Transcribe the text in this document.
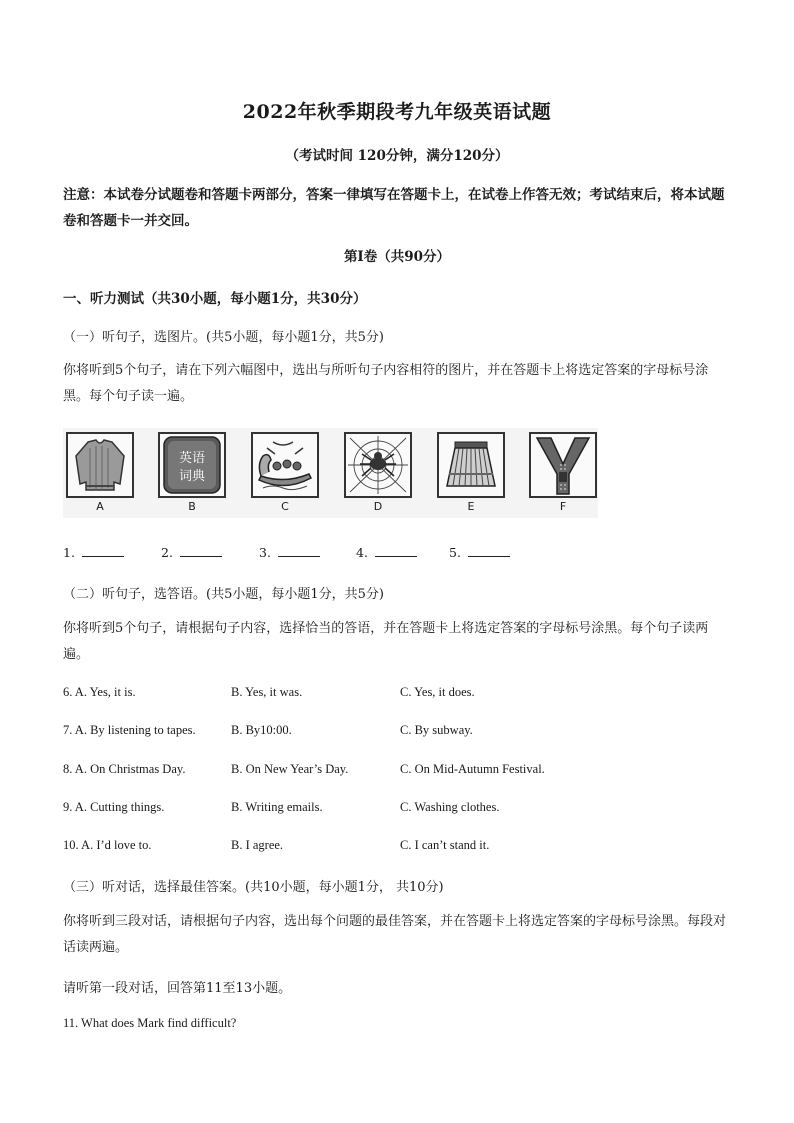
2022年秋季期段考九年级英语试题
（考试时间 120分钟，满分120分）
注意：本试卷分试题卷和答题卡两部分，答案一律填写在答题卡上，在试卷上作答无效；考试结束后，将本试题卷和答题卡一并交回。
第Ⅰ卷（共90分）
一、听力测试（共30小题，每小题1分，共30分）
（一）听句子，选图片。(共5小题，每小题1分，共5分)
你将听到5个句子，请在下列六幅图中，选出与所听句子内容相符的图片，并在答题卡上将选定答案的字母标号涂黑。每个句子读一遍。
A
英语
词典
B	C	D	E	F
1.	2.	3.	4.	5.
（二）听句子，选答语。(共5小题，每小题1分，共5分)
你将听到5个句子，请根据句子内容，选择恰当的答语，并在答题卡上将选定答案的字母标号涂黑。每个句子读两遍。
6. A. Yes, it is.	B. Yes, it was.	C. Yes, it does.
7. A. By listening to tapes.	B. By10:00.	C. By subway.
8. A. On Christmas Day.	B. On New Year’s Day.	C. On Mid-Autumn Festival.
9. A. Cutting things.	B. Writing emails.	C. Washing clothes.
10. A. I’d love to.	B. I agree.	C. I can’t stand it.
（三）听对话，选择最佳答案。(共10小题，每小题1分， 共10分)
你将听到三段对话，请根据句子内容，选出每个问题的最佳答案，并在答题卡上将选定答案的字母标号涂黑。每段对话读两遍。
请听第一段对话，回答第11至13小题。
11. What does Mark find difficult?
